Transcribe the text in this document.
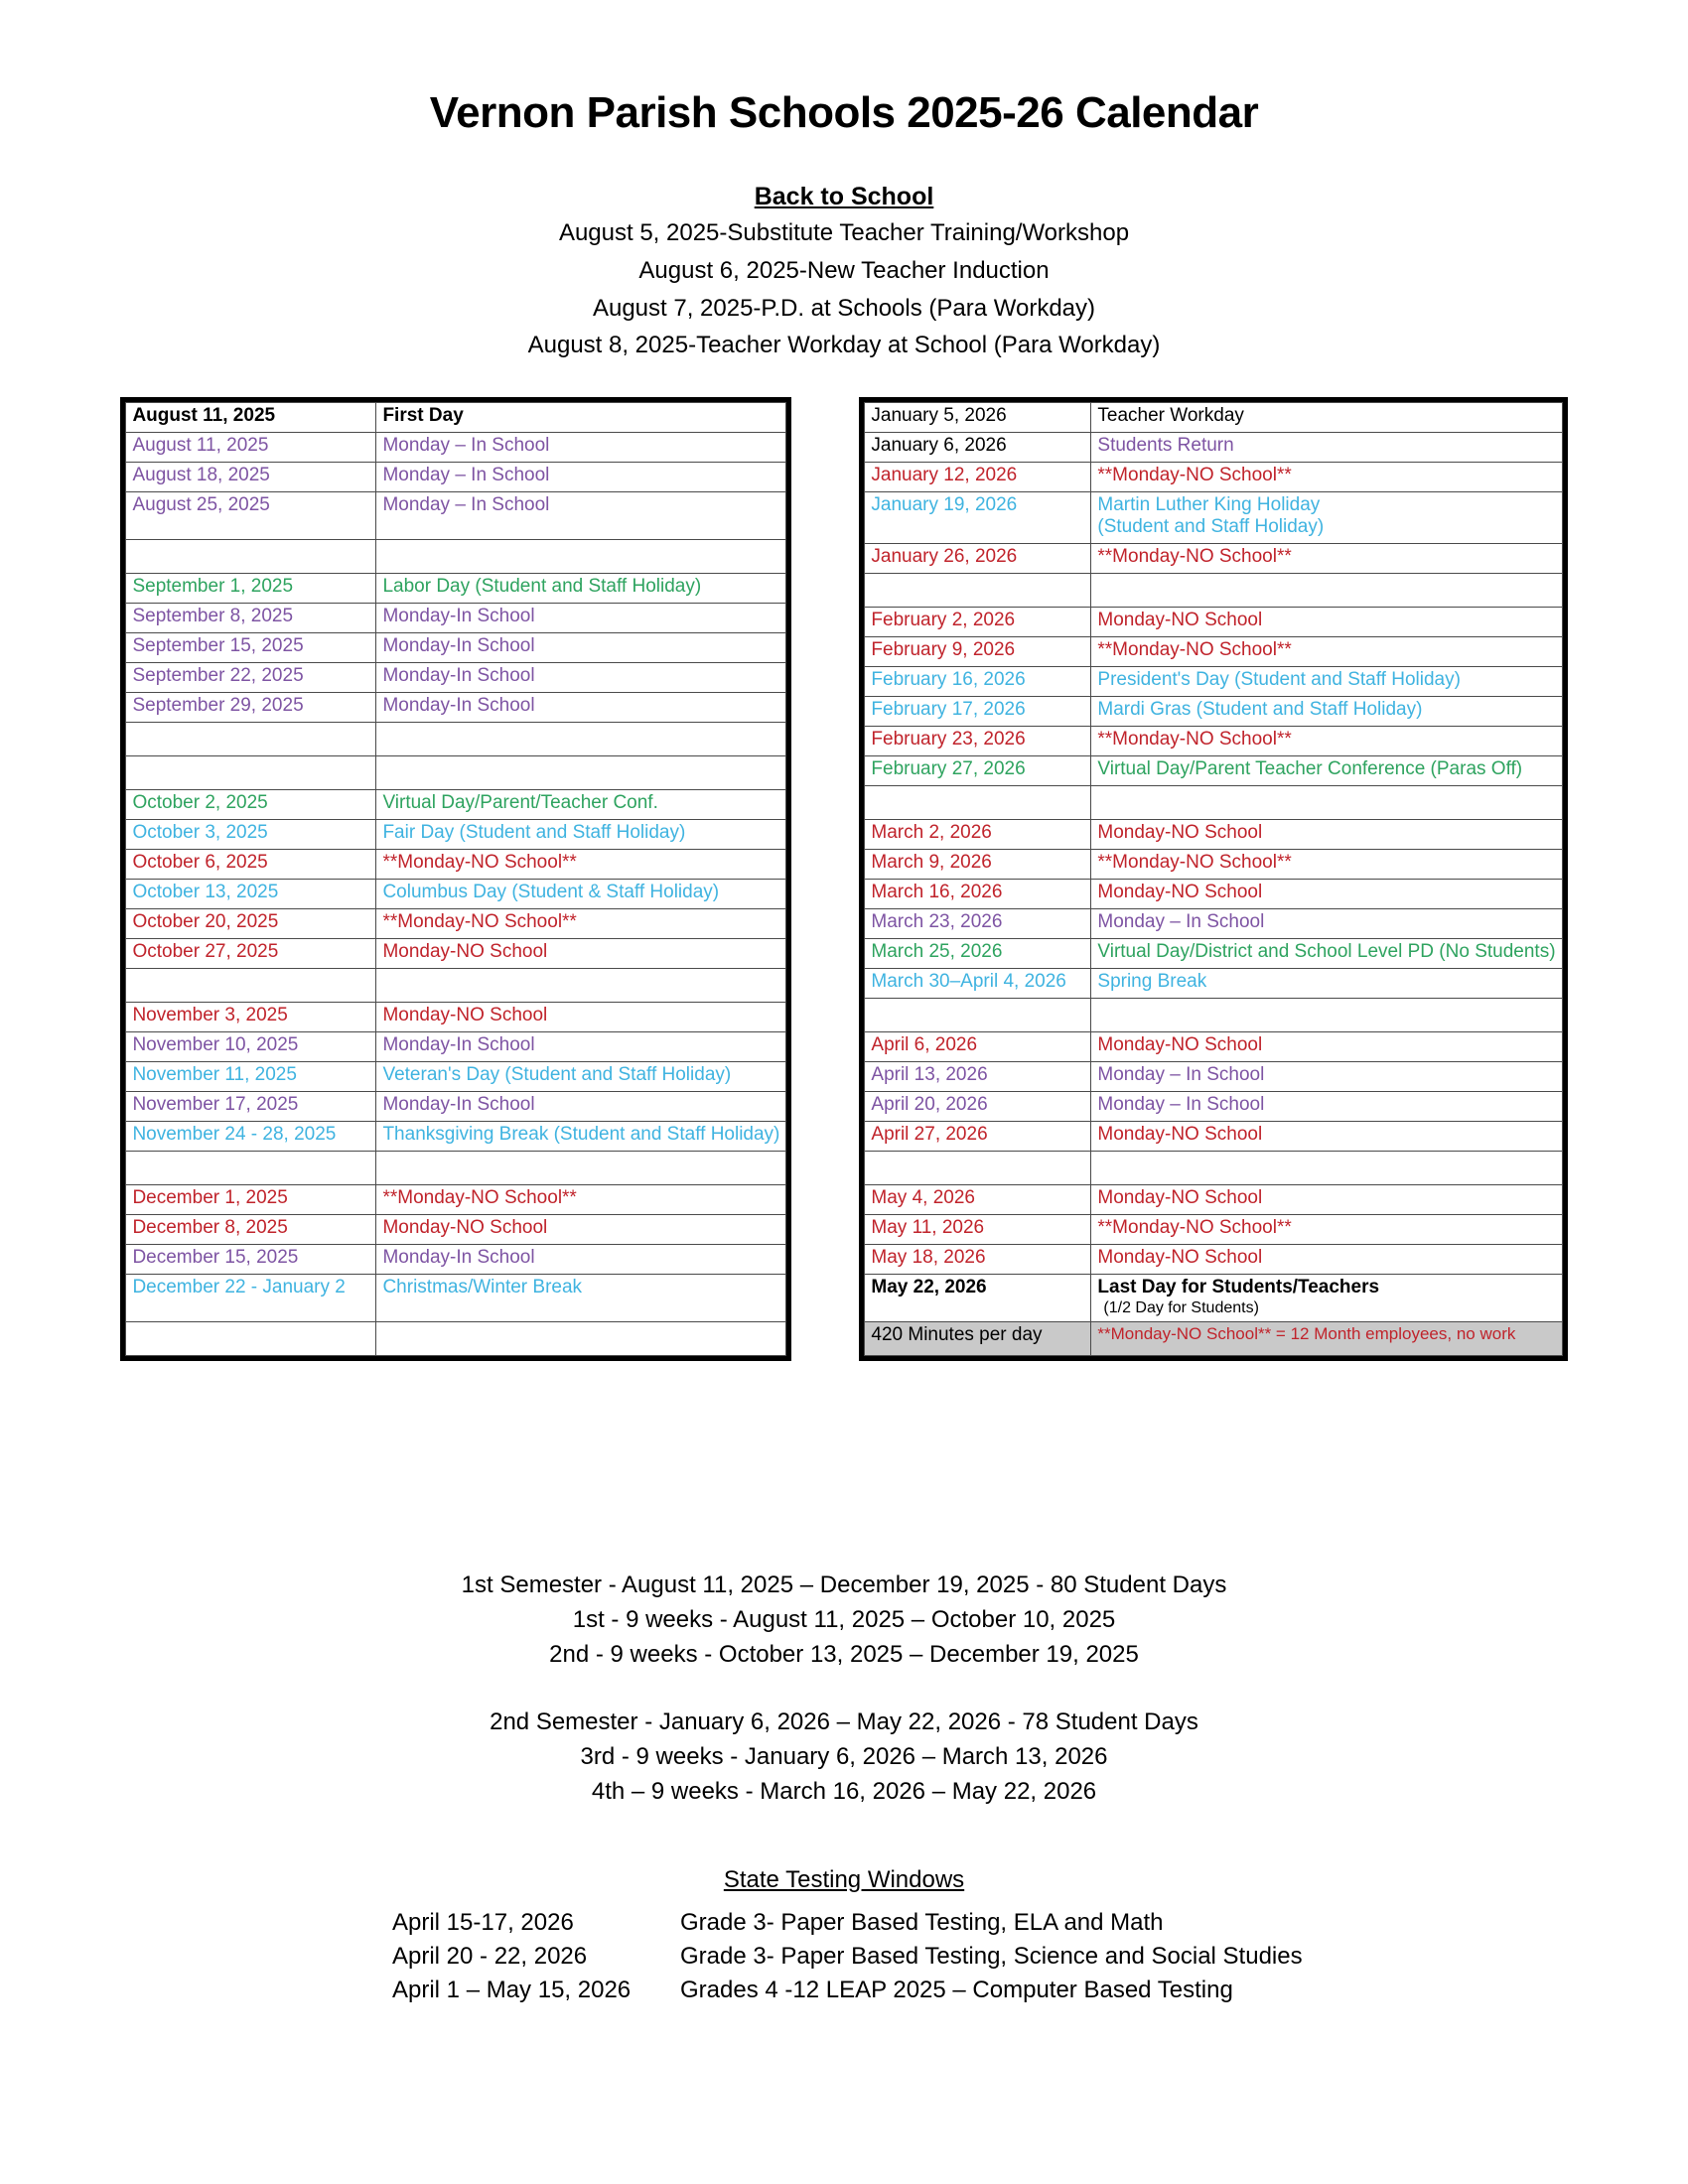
Vernon Parish Schools 2025-26 Calendar
Back to School
August 5, 2025-Substitute Teacher Training/Workshop
August 6, 2025-New Teacher Induction
August 7, 2025-P.D. at Schools (Para Workday)
August 8, 2025-Teacher Workday at School (Para Workday)
August 11, 2025	First Day
August 11, 2025	Monday – In School
August 18, 2025	Monday – In School
August 25, 2025	Monday – In School

September 1, 2025	Labor Day (Student and Staff Holiday)
September 8, 2025	Monday-In School
September 15, 2025	Monday-In School
September 22, 2025	Monday-In School
September 29, 2025	Monday-In School

October 2, 2025	Virtual Day/Parent/Teacher Conf.
October 3, 2025	Fair Day (Student and Staff Holiday)
October 6, 2025	**Monday-NO School**
October 13, 2025	Columbus Day (Student & Staff Holiday)
October 20, 2025	**Monday-NO School**
October 27, 2025	Monday-NO School

November 3, 2025	Monday-NO School
November 10, 2025	Monday-In School
November 11, 2025	Veteran's Day (Student and Staff Holiday)
November 17, 2025	Monday-In School
November 24 - 28, 2025	Thanksgiving Break (Student and Staff Holiday)

December 1, 2025	**Monday-NO School**
December 8, 2025	Monday-NO School
December 15, 2025	Monday-In School
December 22 - January 2	Christmas/Winter Break

January 5, 2026	Teacher Workday
January 6, 2026	Students Return
January 12, 2026	**Monday-NO School**
January 19, 2026	Martin Luther King Holiday
(Student and Staff Holiday)

January 26, 2026	**Monday-NO School**

February 2, 2026	Monday-NO School
February 9, 2026	**Monday-NO School**
February 16, 2026	President's Day (Student and Staff Holiday)
February 17, 2026	Mardi Gras (Student and Staff Holiday)
February 23, 2026	**Monday-NO School**
February 27, 2026	Virtual Day/Parent Teacher Conference (Paras Off)

March 2, 2026	Monday-NO School
March 9, 2026	**Monday-NO School**
March 16, 2026	Monday-NO School
March 23, 2026	Monday – In School
March 25, 2026	Virtual Day/District and School Level PD (No Students)
March 30–April 4, 2026	Spring Break

April 6, 2026	Monday-NO School
April 13, 2026	Monday – In School
April 20, 2026	Monday – In School
April 27, 2026	Monday-NO School

May 4, 2026	Monday-NO School
May 11, 2026	**Monday-NO School**
May 18, 2026	Monday-NO School
May 22, 2026	Last Day for Students/Teachers
(1/2 Day for Students)

420 Minutes per day	**Monday-NO School** = 12 Month employees, no work
1st Semester - August 11, 2025 – December 19, 2025 - 80 Student Days
1st - 9 weeks - August 11, 2025 – October 10, 2025
2nd - 9 weeks - October 13, 2025 – December 19, 2025
2nd Semester - January 6, 2026 – May 22, 2026 - 78 Student Days
3rd - 9 weeks - January 6, 2026 – March 13, 2026
4th – 9 weeks - March 16, 2026 – May 22, 2026
State Testing Windows
April 15-17, 2026	Grade 3- Paper Based Testing, ELA and Math
April 20 - 22, 2026	Grade 3- Paper Based Testing, Science and Social Studies
April 1 – May 15, 2026	Grades 4 -12 LEAP 2025 – Computer Based Testing
